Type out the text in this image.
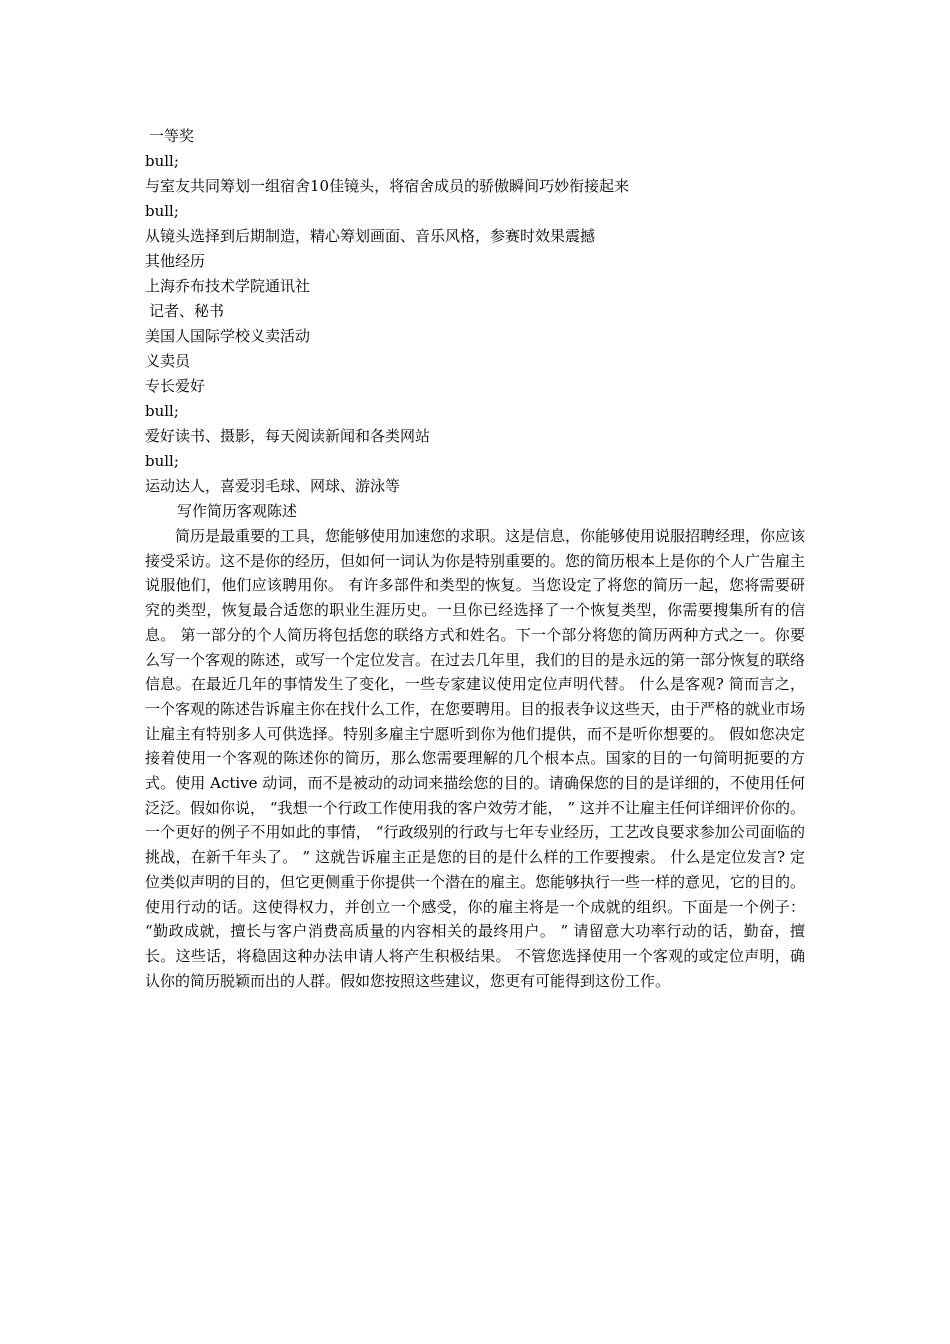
一等奖
bull;
与室友共同筹划一组宿舍10佳镜头，将宿舍成员的骄傲瞬间巧妙衔接起来
bull;
从镜头选择到后期制造，精心筹划画面、音乐风格，参赛时效果震撼
其他经历
上海乔布技术学院通讯社
记者、秘书
美国人国际学校义卖活动
义卖员
专长爱好
bull;
爱好读书、摄影，每天阅读新闻和各类网站
bull;
运动达人，喜爱羽毛球、网球、游泳等
写作简历客观陈述

简历是最重要的工具，您能够使用加速您的求职。这是信息，你能够使用说服招聘经理，你应该接受采访。这不是你的经历，但如何一词认为你是特别重要的。您的简历根本上是你的个人广告雇主说服他们，他们应该聘用你。 有许多部件和类型的恢复。当您设定了将您的简历一起，您将需要研究的类型，恢复最合适您的职业生涯历史。一旦你已经选择了一个恢复类型，你需要搜集所有的信息。 第一部分的个人简历将包括您的联络方式和姓名。下一个部分将您的简历两种方式之一。你要么写一个客观的陈述，或写一个定位发言。在过去几年里，我们的目的是永远的第一部分恢复的联络信息。在最近几年的事情发生了变化，一些专家建议使用定位声明代替。 什么是客观? 简而言之，一个客观的陈述告诉雇主你在找什么工作，在您要聘用。目的报表争议这些天，由于严格的就业市场让雇主有特别多人可供选择。特别多雇主宁愿听到你为他们提供，而不是听你想要的。 假如您决定接着使用一个客观的陈述你的简历，那么您需要理解的几个根本点。国家的目的一句简明扼要的方式。使用 Active 动词，而不是被动的动词来描绘您的目的。请确保您的目的是详细的，不使用任何泛泛。假如你说， “我想一个行政工作使用我的客户效劳才能， ” 这并不让雇主任何详细评价你的。一个更好的例子不用如此的事情， “行政级别的行政与七年专业经历，工艺改良要求参加公司面临的挑战，在新千年头了。 ” 这就告诉雇主正是您的目的是什么样的工作要搜索。 什么是定位发言? 定位类似声明的目的，但它更侧重于你提供一个潜在的雇主。您能够执行一些一样的意见，它的目的。使用行动的话。这使得权力，并创立一个感受，你的雇主将是一个成就的组织。下面是一个例子： “勤政成就，擅长与客户消费高质量的内容相关的最终用户。 ” 请留意大功率行动的话，勤奋，擅长。这些话，将稳固这种办法申请人将产生积极结果。 不管您选择使用一个客观的或定位声明，确认你的简历脱颖而出的人群。假如您按照这些建议，您更有可能得到这份工作。
